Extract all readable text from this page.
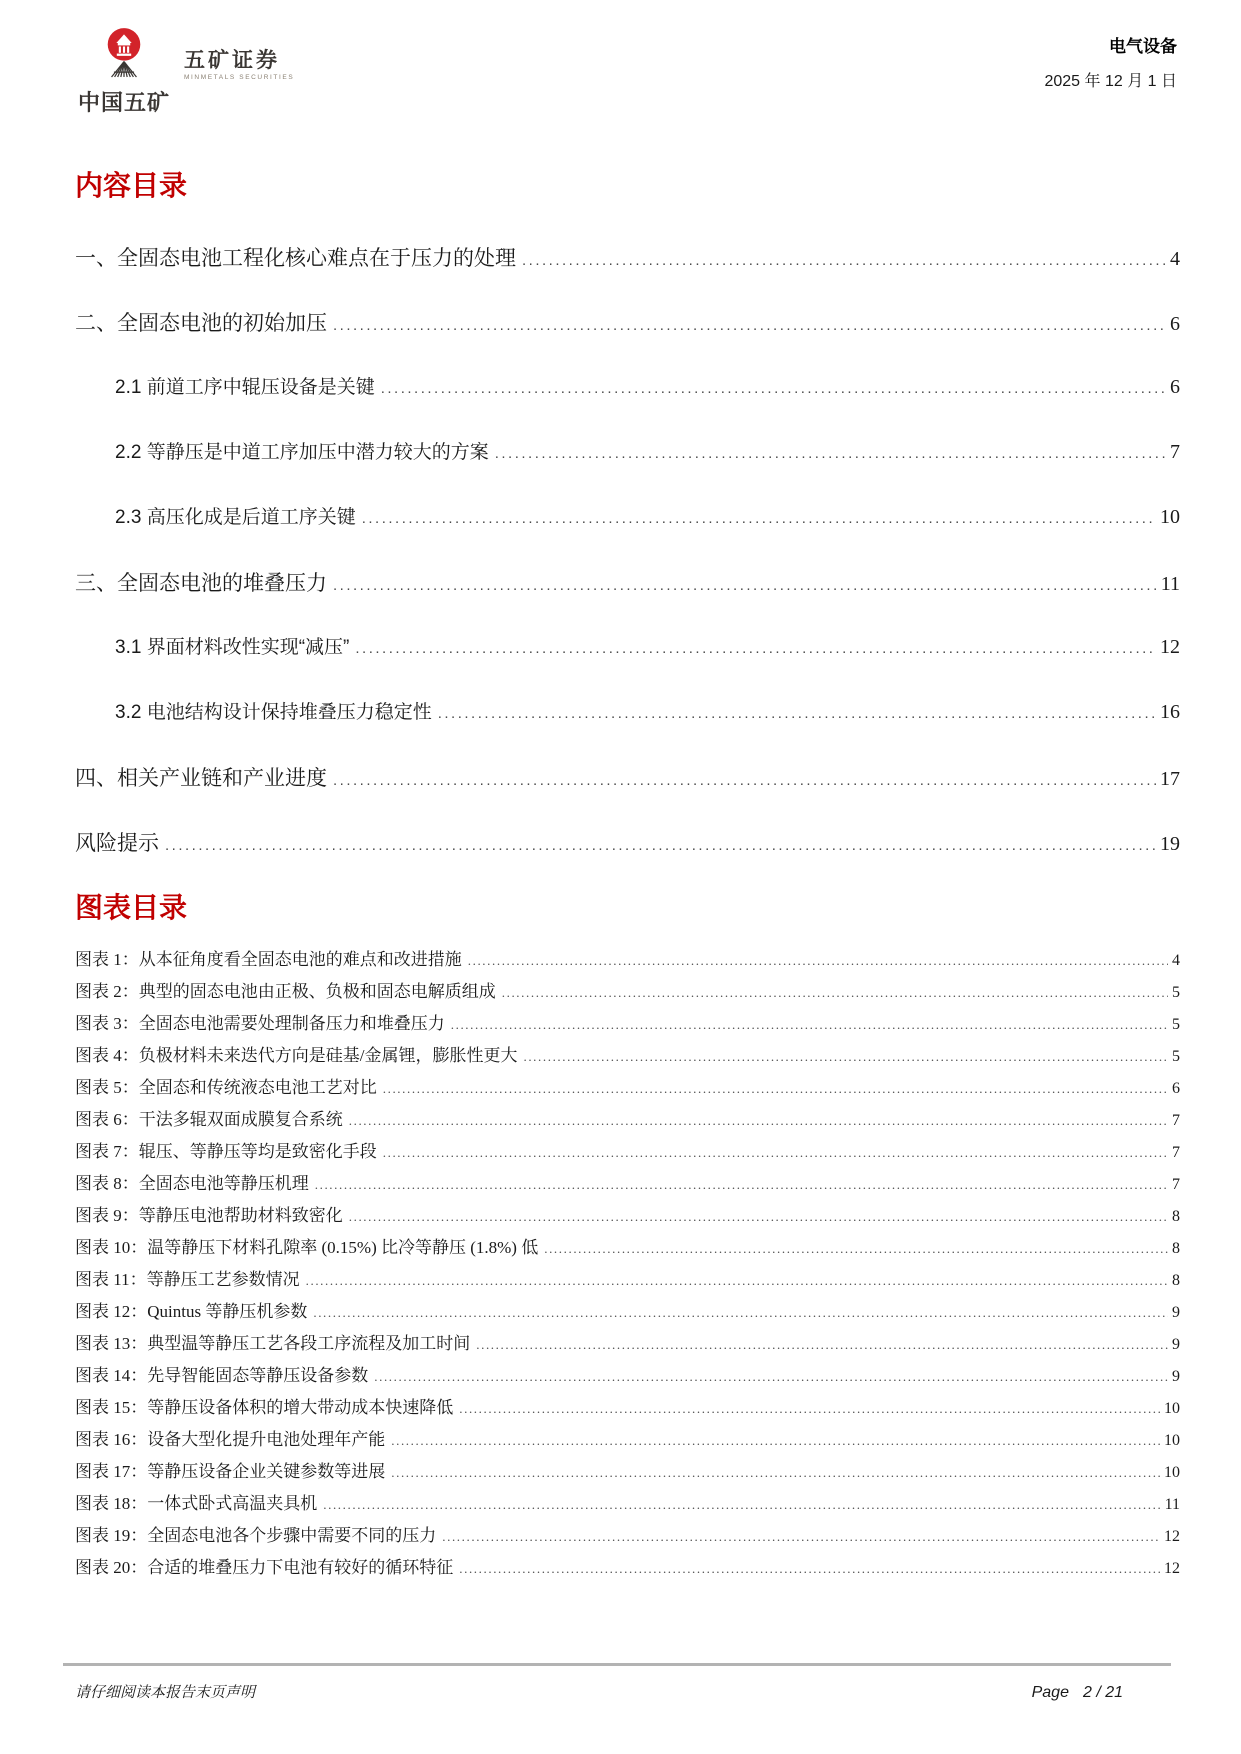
中国五矿
五矿证券
MINMETALS SECURITIES
电气设备
2025 年 12 月 1 日
内容目录
一、全固态电池工程化核心难点在于压力的处理 .....	4
二、全固态电池的初始加压 .....	6
2.1 前道工序中辊压设备是关键 .....	6
2.2 等静压是中道工序加压中潜力较大的方案 .....	7
2.3 高压化成是后道工序关键 .....	10
三、全固态电池的堆叠压力 .....	11
3.1 界面材料改性实现“减压” .....	12
3.2 电池结构设计保持堆叠压力稳定性 .....	16
四、相关产业链和产业进度 .....	17
风险提示 .....	19
图表目录
图表 1：从本征角度看全固态电池的难点和改进措施 .....	4
图表 2：典型的固态电池由正极、负极和固态电解质组成 .....	5
图表 3：全固态电池需要处理制备压力和堆叠压力 .....	5
图表 4：负极材料未来迭代方向是硅基/金属锂，膨胀性更大 .....	5
图表 5：全固态和传统液态电池工艺对比 .....	6
图表 6：干法多辊双面成膜复合系统 .....	7
图表 7：辊压、等静压等均是致密化手段 .....	7
图表 8：全固态电池等静压机理 .....	7
图表 9：等静压电池帮助材料致密化 .....	8
图表 10：温等静压下材料孔隙率 (0.15%) 比冷等静压 (1.8%) 低 .....	8
图表 11：等静压工艺参数情况 .....	8
图表 12：Quintus 等静压机参数 .....	9
图表 13：典型温等静压工艺各段工序流程及加工时间 .....	9
图表 14：先导智能固态等静压设备参数 .....	9
图表 15：等静压设备体积的增大带动成本快速降低 .....	10
图表 16：设备大型化提升电池处理年产能 .....	10
图表 17：等静压设备企业关键参数等进展 .....	10
图表 18：一体式卧式高温夹具机 .....	11
图表 19：全固态电池各个步骤中需要不同的压力 .....	12
图表 20：合适的堆叠压力下电池有较好的循环特征 .....	12
请仔细阅读本报告末页声明	Page 2 / 21
